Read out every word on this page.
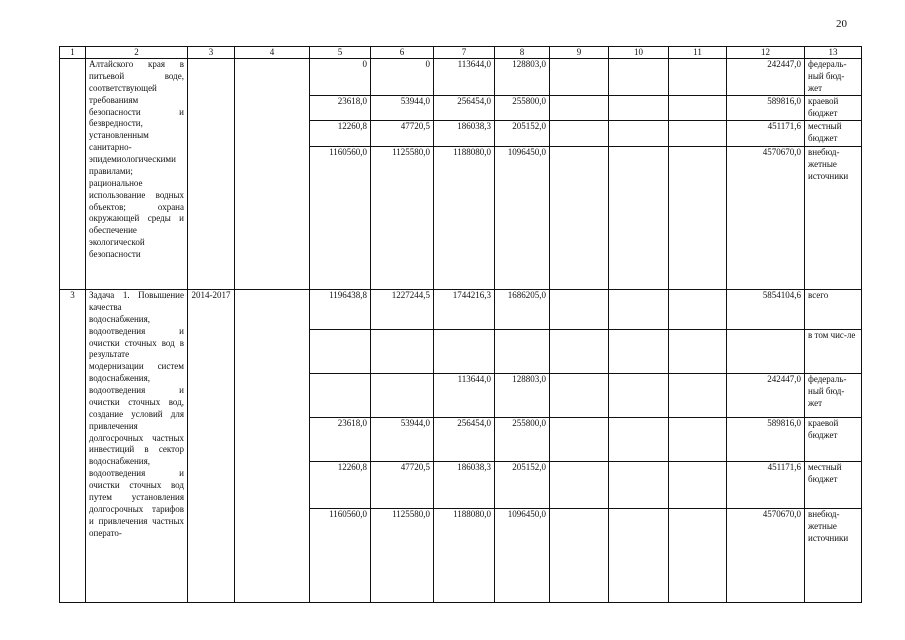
20
1	2	3	4	5	6	7	8	9	10	11	12	13
	Алтайского края в питьевой воде, соответствующей требованиям безопасности и безвредности, установленным санитарно-эпидемиологическими правилами; рациональное использование водных объектов; охрана окружающей среды и обеспечение экологической безопасности			0	0	113644,0	128803,0				242447,0	федераль-ный бюд-жет
				23618,0	53944,0	256454,0	255800,0				589816,0	краевой бюджет
				12260,8	47720,5	186038,3	205152,0				451171,6	местный бюджет
				1160560,0	1125580,0	1188080,0	1096450,0				4570670,0	внебюд-жетные источники
3	Задача 1. Повышение качества водоснабжения, водоотведения и очистки сточных вод в результате модернизации систем водоснабжения, водоотведения и очистки сточных вод, создание условий для привлечения долгосрочных частных инвестиций в сектор водоснабжения, водоотведения и очистки сточных вод путем установления долгосрочных тарифов и привлечения частных операто-	2014-2017		1196438,8	1227244,5	1744216,3	1686205,0				5854104,6	всего
												в том чис-ле
						113644,0	128803,0				242447,0	федераль-ный бюд-жет
				23618,0	53944,0	256454,0	255800,0				589816,0	краевой бюджет
				12260,8	47720,5	186038,3	205152,0				451171,6	местный бюджет
				1160560,0	1125580,0	1188080,0	1096450,0				4570670,0	внебюд-жетные источники
